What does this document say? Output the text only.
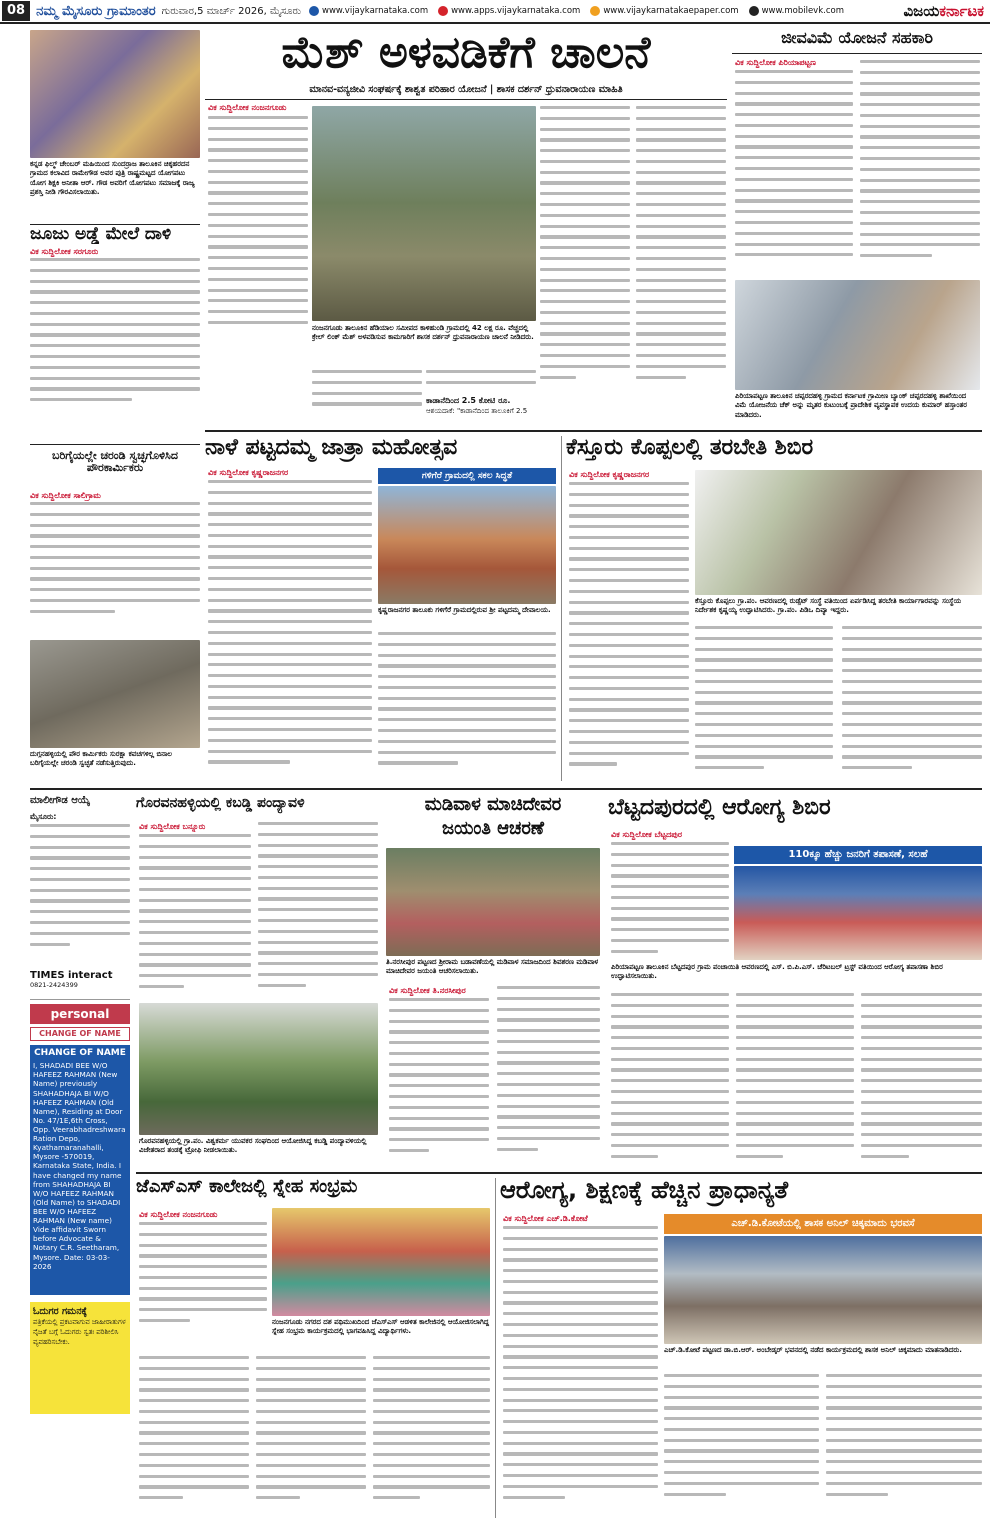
08 ನಮ್ಮ ಮೈಸೂರು ಗ್ರಾಮಾಂತರ ಗುರುವಾರ,5 ಮಾರ್ಚ್ 2026, ಮೈಸೂರು www.vijaykarnataka.com	www.apps.vijaykarnataka.com	www.vijaykarnatakaepaper.com	www.mobilevk.com	ವಿಜಯಕರ್ನಾಟಕ
ಕನ್ನಡ ಫಿಲ್ಮ್ ಚೇಂಬರ್ ಮಹಿಯಿಂದ ಸುಂದರ್ರಾಜ ತಾಲೂಕಿನ ಚಿಕ್ಕಹರದನ ಗ್ರಾಮದ ಕಲಾವಿದ ರಾಮೇಗೌಡ ಅವರ ಪುತ್ರಿ ರಾಷ್ಟ್ರಮಟ್ಟದ ಯೋಗಪಟು ಯೋಗ ಶಿಕ್ಷಕಿ ಅನೀತಾ ಆರ್. ಗೌಡ ಅವರಿಗೆ ಯೋಗಪಟು ಸಮಾಜಕ್ಕೆ ರಾಜ್ಯ ಪ್ರಶಸ್ತಿ ನೀಡಿ ಗೌರವಿಸಲಾಯಿತು.
ಜೂಜು ಅಡ್ಡೆ ಮೇಲೆ ದಾಳಿ
ವಿಕ ಸುದ್ದಿಲೋಕ ಸರಗೂರು
ಬರಿಗೈಯಲ್ಲೇ ಚರಂಡಿ ಸ್ವಚ್ಛಗೊಳಿಸಿದ ಪೌರಕಾರ್ಮಿಕರು
ವಿಕ ಸುದ್ದಿಲೋಕ ಸಾಲಿಗ್ರಾಮ
ದುಗ್ಗನಹಳ್ಳಿಯಲ್ಲಿ ಪೌರ ಕಾರ್ಮಿಕರು ಸುರಕ್ಷಾ ಕವಚಗಳಿಲ್ಲ ಬಿನಾಲ ಬರಿಗೈಯಲ್ಲೇ ಚರಂಡಿ ಸ್ವಚ್ಛತೆ ನಡೆಸುತ್ತಿರುವುದು.
ಮೆಶ್ ಅಳವಡಿಕೆಗೆ ಚಾಲನೆ
ಮಾನವ-ವನ್ಯಜೀವಿ ಸಂಘರ್ಷಕ್ಕೆ ಶಾಶ್ವತ ಪರಿಹಾರ ಯೋಜನೆ | ಶಾಸಕ ದರ್ಶನ್ ಧ್ರುವನಾರಾಯಣ ಮಾಹಿತಿ
ವಿಕ ಸುದ್ದಿಲೋಕ ನಂಜನಗೂಡು
ನಂಜನಗೂಡು ತಾಲೂಕಿನ ಹೆಡಿಯಾಲ ಸಮೀಪದ ಕಾಳಿಹುಂಡಿ ಗ್ರಾಮದಲ್ಲಿ 42 ಲಕ್ಷ ರೂ. ವೆಚ್ಚದಲ್ಲಿ ಕ್ರೇಲ್ ಲಿಂಕ್ ಮೆಶ್ ಅಳವಡಿಸುವ ಕಾಮಗಾರಿಗೆ ಶಾಸಕ ದರ್ಶನ್ ಧ್ರುವನಾರಾಯಣ ಚಾಲನೆ ನೀಡಿದರು.
ಕಾಡಾನೆದಿಂದ 2.5 ಕೋಟಿ ರೂ.
ಆಶಯದಾಕೆ: "ಕಾಡಾನೆದಿಂದ ತಾಲೂಕಿಗೆ 2.5
ಜೀವವಿಮೆ ಯೋಜನೆ ಸಹಕಾರಿ
ವಿಕ ಸುದ್ದಿಲೋಕ ಪಿರಿಯಾಪಟ್ಟಣ
ಪಿರಿಯಾಪಟ್ಟಣ ತಾಲೂಕಿನ ಚಪ್ಪರದಹಳ್ಳಿ ಗ್ರಾಮದ ಕರ್ನಾಟಕ ಗ್ರಾಮೀಣ ಬ್ಯಾಂಕ್ ಚಪ್ಪರದಹಳ್ಳಿ ಶಾಖೆಯಿಂದ ವಿಮೆ ಯೋಜನೆಯ ಚೆಕ್ ಅನ್ನು ಮೃತರ ಕುಟುಂಬಕ್ಕೆ ಪ್ರಾದೇಶಿಕ ವ್ಯವಸ್ಥಾಪಕ ಉದಯ ಕುಮಾರ್ ಹಸ್ತಾಂತರ ಮಾಡಿದರು.
ನಾಳೆ ಪಟ್ಟದಮ್ಮ ಜಾತ್ರಾ ಮಹೋತ್ಸವ
ವಿಕ ಸುದ್ದಿಲೋಕ ಕೃಷ್ಣರಾಜನಗರ	ಗಳಿಗೆರೆ ಗ್ರಾಮದಲ್ಲಿ ಸಕಲ ಸಿದ್ಧತೆ
ಕೃಷ್ಣರಾಜನಗರ ತಾಲೂಕು ಗಳಿಗೆರೆ ಗ್ರಾಮದಲ್ಲಿರುವ ಶ್ರೀ ಪಟ್ಟದಮ್ಮ ದೇವಾಲಯ.
ಕೆಸ್ತೂರು ಕೊಪ್ಪಲಲ್ಲಿ ತರಬೇತಿ ಶಿಬಿರ
ವಿಕ ಸುದ್ದಿಲೋಕ ಕೃಷ್ಣರಾಜನಗರ
ಕೆಸ್ತೂರು ಕೊಪ್ಪಲು ಗ್ರಾ.ಪಂ. ಆವರಣದಲ್ಲಿ ರುಡ್ಸೆಟ್ ಸಂಸ್ಥೆ ವತಿಯಿಂದ ಏರ್ಪಡಿಸಿದ್ದ ತರಬೇತಿ ಕಾರ್ಯಾಗಾರವನ್ನು ಸಂಸ್ಥೆಯ ನಿರ್ದೇಶಕ ಕೃಷ್ಣಯ್ಯ ಉದ್ಘಾಟಿಸಿದರು. ಗ್ರಾ.ಪಂ. ಪಿಡಿಒ ದಿವ್ಯಾ ಇದ್ದರು.
ಮಾಲೀಗೌಡ ಆಯ್ಕೆ
ಮೈಸೂರು:
TIMES interact
0821-2424399
personal
CHANGE OF NAME
CHANGE OF NAME
I, SHADADI BEE W/O HAFEEZ RAHMAN (New Name) previously SHAHADHAJA BI W/O HAFEEZ RAHMAN (Old Name), Residing at Door No. 47/1E,6th Cross, Opp. Veerabhadreshwara Ration Depo, Kyathamaranahalli, Mysore -570019, Karnataka State, India. I have changed my name from SHAHADHAJA BI W/O HAFEEZ RAHMAN (Old Name) to SHADADI BEE W/O HAFEEZ RAHMAN (New name) Vide affidavit Sworn before Advocate & Notary C.R. Seetharam, Mysore. Date: 03-03-2026
ಓದುಗರ ಗಮನಕ್ಕೆ
ಪತ್ರಿಕೆಯಲ್ಲಿ ಪ್ರಕಟವಾಗುವ ಜಾಹೀರಾತುಗಳ ನೈಜತೆ ಬಗ್ಗೆ ಓದುಗರು ಸ್ವತಃ ಪರಿಶೀಲಿಸಿ ವ್ಯವಹರಿಸಬೇಕು.
ಗೊರವನಹಳ್ಳಿಯಲ್ಲಿ ಕಬಡ್ಡಿ ಪಂದ್ಯಾವಳಿ
ವಿಕ ಸುದ್ದಿಲೋಕ ಬನ್ನೂರು
ಗೊರವನಹಳ್ಳಿಯಲ್ಲಿ ಗ್ರಾ.ಪಂ. ವಿಶ್ವಕರ್ಮ ಯುವಕರ ಸಂಘದಿಂದ ಆಯೋಜಿಸಿದ್ದ ಕಬಡ್ಡಿ ಪಂದ್ಯಾವಳಿಯಲ್ಲಿ ವಿಜೇತರಾದ ತಂಡಕ್ಕೆ ಟ್ರೋಫಿ ನೀಡಲಾಯಿತು.
ಮಡಿವಾಳ ಮಾಚಿದೇವರ
ಜಯಂತಿ ಆಚರಣೆ
ತಿ.ನರಸೀಪುರ ಪಟ್ಟಣದ ಶ್ರೀರಾಮ ಬಡಾವಣೆಯಲ್ಲಿ ಮಡಿವಾಳ ಸಮಾಜದಿಂದ ಶಿವಶರಣ ಮಡಿವಾಳ ಮಾಚಿದೇವರ ಜಯಂತಿ ಆಚರಿಸಲಾಯಿತು.
ವಿಕ ಸುದ್ದಿಲೋಕ ತಿ.ನರಸೀಪುರ
ಬೆಟ್ಟದಪುರದಲ್ಲಿ ಆರೋಗ್ಯ ಶಿಬಿರ
ವಿಕ ಸುದ್ದಿಲೋಕ ಬೆಟ್ಟದಪುರ
110ಕ್ಕೂ ಹೆಚ್ಚು ಜನರಿಗೆ ತಪಾಸಣೆ, ಸಲಹೆ
ಪಿರಿಯಾಪಟ್ಟಣ ತಾಲೂಕಿನ ಬೆಟ್ಟದಪುರ ಗ್ರಾಮ ಪಂಚಾಯಿತಿ ಆವರಣದಲ್ಲಿ ಎಸ್. ಬಿ.ಪಿ.ಎಸ್. ಚೆರಿಟಬಲ್ ಟ್ರಸ್ಟ್ ವತಿಯಿಂದ ಆರೋಗ್ಯ ತಪಾಸಣಾ ಶಿಬಿರ ಉದ್ಘಾಟಿಸಲಾಯಿತು.
ಜೆಎಸ್‌ಎಸ್ ಕಾಲೇಜಲ್ಲಿ ಸ್ನೇಹ ಸಂಭ್ರಮ
ವಿಕ ಸುದ್ದಿಲೋಕ ನಂಜನಗೂಡು
ನಂಜನಗೂಡು ನಗರದ ದಶ ಪಥಿಮುಖದಿಂದ ಜೆಎಸ್‌ಎಸ್ ಆಡಳಿತ ಕಾಲೇಜಿನಲ್ಲಿ ಆಯೋಜಿಸಲಾಗಿದ್ದ ಸ್ನೇಹ ಸಂಭ್ರಮ ಕಾರ್ಯಕ್ರಮದಲ್ಲಿ ಭಾಗವಹಿಸಿದ್ದ ವಿದ್ಯಾರ್ಥಿಗಳು.
ಆರೋಗ್ಯ, ಶಿಕ್ಷಣಕ್ಕೆ ಹೆಚ್ಚಿನ ಪ್ರಾಧಾನ್ಯತೆ
ವಿಕ ಸುದ್ದಿಲೋಕ ಎಚ್.ಡಿ.ಕೋಟೆ	ಎಚ್.ಡಿ.ಕೋಟೆಯಲ್ಲಿ ಶಾಸಕ ಅನಿಲ್ ಚಿಕ್ಕಮಾದು ಭರವಸೆ
ಎಚ್.ಡಿ.ಕೋಟೆ ಪಟ್ಟಣದ ಡಾ.ಬಿ.ಆರ್. ಅಂಬೇಡ್ಕರ್ ಭವನದಲ್ಲಿ ನಡೆದ ಕಾರ್ಯಕ್ರಮದಲ್ಲಿ ಶಾಸಕ ಅನಿಲ್ ಚಿಕ್ಕಮಾದು ಮಾತನಾಡಿದರು.
